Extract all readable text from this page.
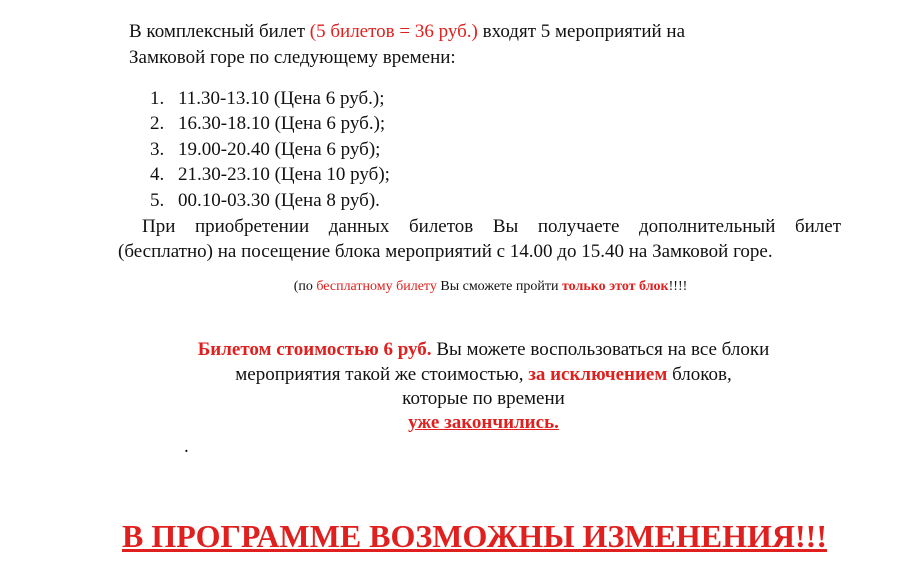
В комплексный билет (5 билетов = 36 руб.) входят 5 мероприятий на
Замковой горе по следующему времени:
1. 11.30-13.10 (Цена 6 руб.);
2. 16.30-18.10 (Цена 6 руб.);
3. 19.00-20.40 (Цена 6 руб);
4. 21.30-23.10 (Цена 10 руб);
5. 00.10-03.30 (Цена 8 руб).
При приобретении данных билетов Вы получаете дополнительный билет
(бесплатно) на посещение блока мероприятий с 14.00 до 15.40 на Замковой горе.
(по бесплатному билету Вы сможете пройти только этот блок!!!!
Билетом стоимостью 6 руб. Вы можете воспользоваться на все блоки
мероприятия такой же стоимостью, за исключением блоков,
которые по времени
уже закончились.
.
В ПРОГРАММЕ ВОЗМОЖНЫ ИЗМЕНЕНИЯ!!!
